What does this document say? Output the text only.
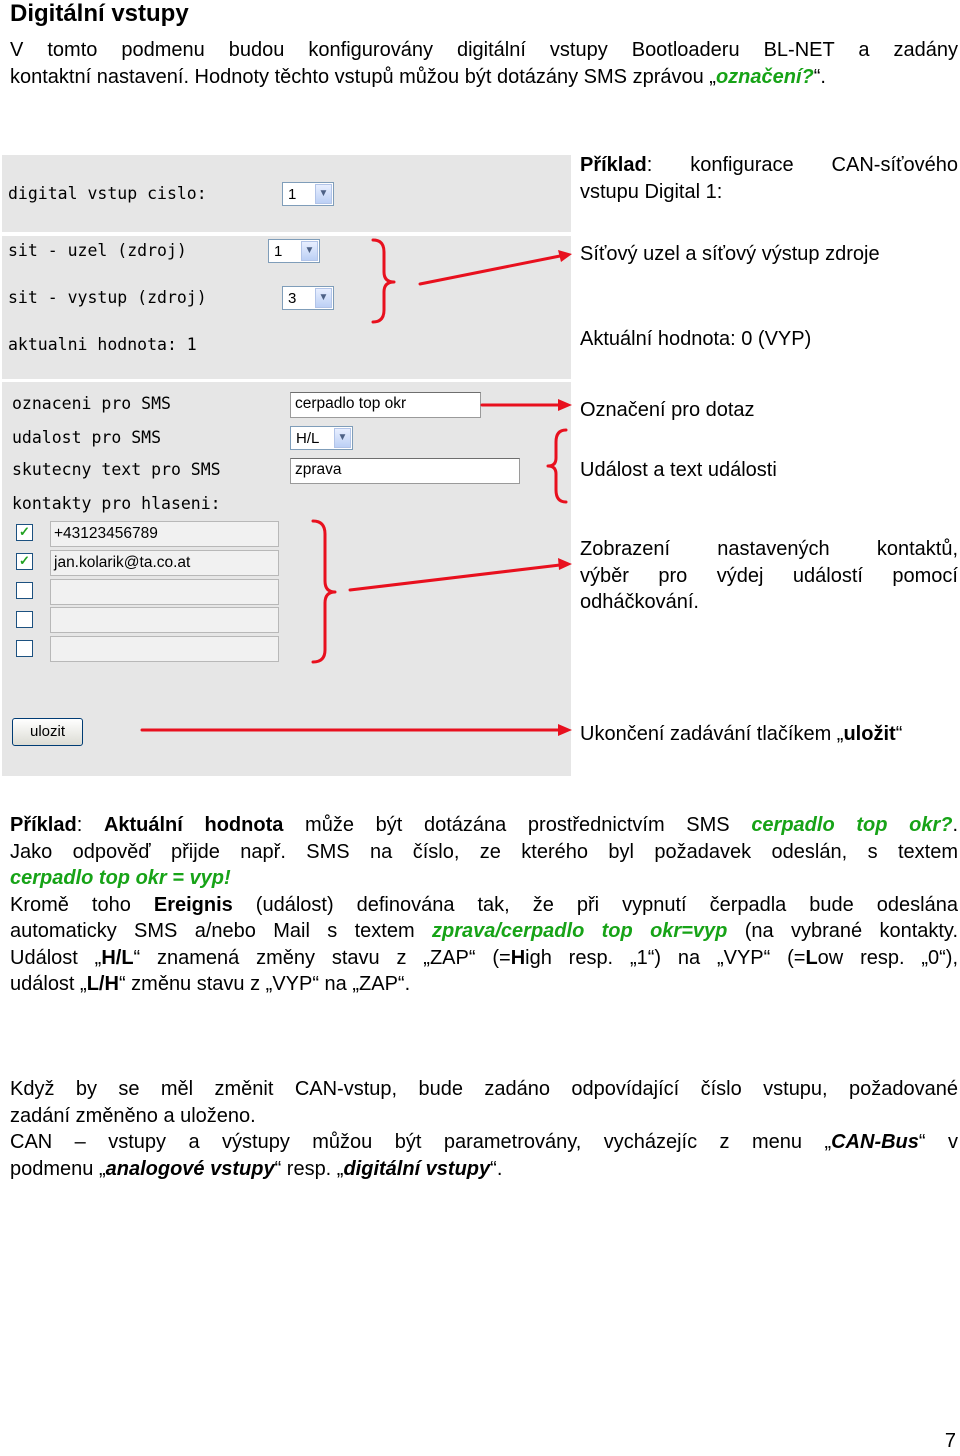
Digitální vstupy
V tomto podmenu budou konfigurovány digitální vstupy Bootloaderu BL-NET a zadány
kontaktní nastavení. Hodnoty těchto vstupů můžou být dotázány SMS zprávou „označení?“.
digital vstup cislo:	1	▼
sit - uzel (zdroj)	1	▼
sit - vystup (zdroj)	3	▼
aktualni hodnota: 1
oznaceni pro SMS	cerpadlo top okr
udalost pro SMS	H/L	▼
skutecny text pro SMS	zprava
kontakty pro hlaseni:
✓ +43123456789
✓ jan.kolarik@ta.co.at
ulozit
Příklad: konfigurace CAN-síťového
vstupu Digital 1:
Síťový uzel a síťový výstup zdroje
Aktuální hodnota: 0 (VYP)
Označení pro dotaz
Událost a text události
Zobrazení nastavených kontaktů,
výběr pro výdej událostí pomocí
odháčkování.
Ukončení zadávání tlačíkem „uložit“
Příklad: Aktuální hodnota může být dotázána prostřednictvím SMS cerpadlo top okr?.
Jako odpověď přijde např. SMS na číslo, ze kterého byl požadavek odeslán, s textem
cerpadlo top okr = vyp!
Kromě toho Ereignis (událost) definována tak, že při vypnutí čerpadla bude odeslána
automaticky SMS a/nebo Mail s textem zprava/cerpadlo top okr=vyp (na vybrané kontakty.
Událost „H/L“ znamená změny stavu z „ZAP“ (=High resp. „1“) na „VYP“ (=Low resp. „0“),
událost „L/H“ změnu stavu z „VYP“ na „ZAP“.
Když by se měl změnit CAN-vstup, bude zadáno odpovídající číslo vstupu, požadované
zadání změněno a uloženo.
CAN – vstupy a výstupy můžou být parametrovány, vycházejíc z menu „CAN-Bus“ v
podmenu „analogové vstupy“ resp. „digitální vstupy“.
7
